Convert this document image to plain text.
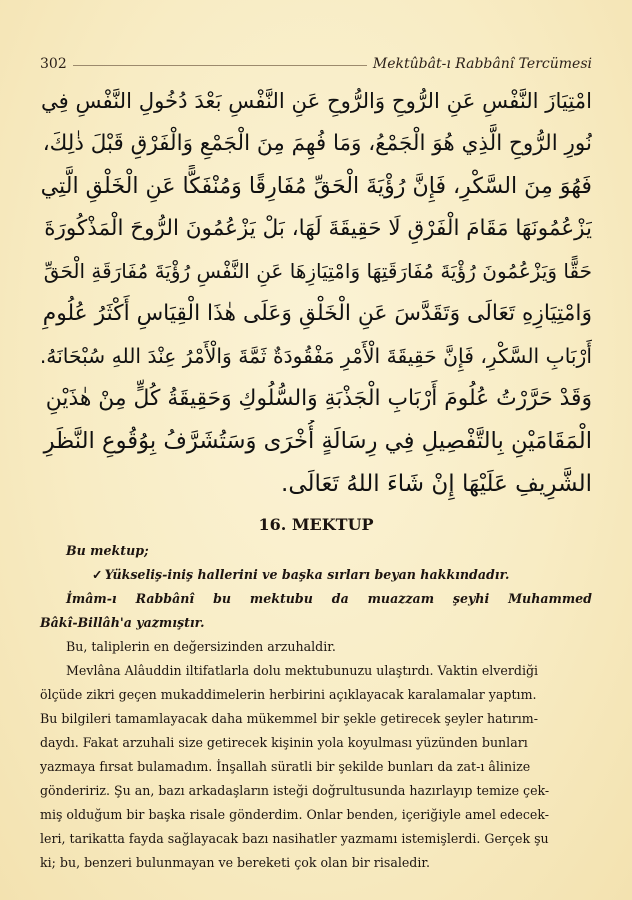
302	Mektûbât-ı Rabbânî Tercümesi
امْتِيَازَ النَّفْسِ عَنِ الرُّوحِ وَالرُّوحِ عَنِ النَّفْسِ بَعْدَ دُخُولِ النَّفْسِ فِي
نُورِ الرُّوحِ الَّذِي هُوَ الْجَمْعُ، وَمَا فُهِمَ مِنَ الْجَمْعِ وَالْفَرْقِ قَبْلَ ذٰلِكَ،
فَهُوَ مِنَ السَّكْرِ، فَإِنَّ رُؤْيَةَ الْحَقِّ مُفَارِقًا وَمُنْفَكًّا عَنِ الْخَلْقِ الَّتِي
يَزْعُمُونَهَا مَقَامَ الْفَرْقِ لَا حَقِيقَةَ لَهَا، بَلْ يَزْعُمُونَ الرُّوحَ الْمَذْكُورَةَ
حَقًّا وَيَزْعُمُونَ رُؤْيَةَ مُفَارَقَتِهَا وَامْتِيَازِهَا عَنِ النَّفْسِ رُؤْيَةَ مُفَارَقَةِ الْحَقِّ
وَامْتِيَازِهِ تَعَالَى وَتَقَدَّسَ عَنِ الْخَلْقِ وَعَلَى هٰذَا الْقِيَاسِ أَكْثَرُ عُلُومِ
أَرْبَابِ السَّكْرِ، فَإِنَّ حَقِيقَةَ الْأَمْرِ مَفْقُودَةٌ ثَمَّةَ وَالْأَمْرُ عِنْدَ اللهِ سُبْحَانَهُ.
وَقَدْ حَرَّرْتُ عُلُومَ أَرْبَابِ الْجَذْبَةِ وَالسُّلُوكِ وَحَقِيقَةُ كُلٍّ مِنْ هٰذَيْنِ
الْمَقَامَيْنِ بِالتَّفْصِيلِ فِي رِسَالَةٍ أُخْرَى وَسَتُشَرَّفُ بِوُقُوعِ النَّظَرِ
الشَّرِيفِ عَلَيْهَا إِنْ شَاءَ اللهُ تَعَالَى.
16. MEKTUP

Bu mektup;

✓ Yükseliş-iniş hallerini ve başka sırları beyan hakkındadır.

İmâm-ı Rabbânî bu mektubu da muazzam şeyhi Muhammed

Bâkî-Billâh'a yazmıştır.

Bu, taliplerin en değersizinden arzuhaldir.

Mevlâna Alâuddin iltifatlarla dolu mektubunuzu ulaştırdı. Vaktin elverdiği

ölçüde zikri geçen mukaddimelerin herbirini açıklayacak karalamalar yaptım.

Bu bilgileri tamamlayacak daha mükemmel bir şekle getirecek şeyler hatırım-

daydı. Fakat arzuhali size getirecek kişinin yola koyulması yüzünden bunları

yazmaya fırsat bulamadım. İnşallah süratli bir şekilde bunları da zat-ı âlinize

göndeririz. Şu an, bazı arkadaşların isteği doğrultusunda hazırlayıp temize çek-

miş olduğum bir başka risale gönderdim. Onlar benden, içeriğiyle amel edecek-

leri, tarikatta fayda sağlayacak bazı nasihatler yazmamı istemişlerdi. Gerçek şu

ki; bu, benzeri bulunmayan ve bereketi çok olan bir risaledir.
